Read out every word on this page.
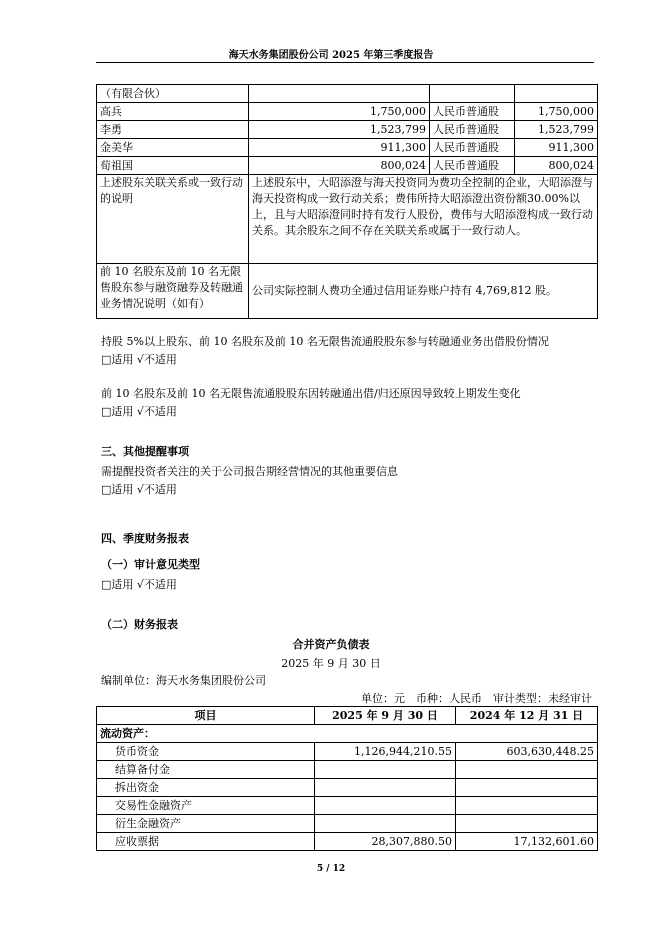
海天水务集团股份公司 2025 年第三季度报告
（有限合伙）			
高兵	1,750,000	人民币普通股	1,750,000
李勇	1,523,799	人民币普通股	1,523,799
金美华	911,300	人民币普通股	911,300
荀祖国	800,024	人民币普通股	800,024
上述股东关联关系或一致行动的说明	上述股东中，大昭添澄与海天投资同为费功全控制的企业，大昭添澄与海天投资构成一致行动关系；费伟所持大昭添澄出资份额30.00%以上，且与大昭添澄同时持有发行人股份，费伟与大昭添澄构成一致行动关系。其余股东之间不存在关联关系或属于一致行动人。		
前 10 名股东及前 10 名无限售股东参与融资融券及转融通业务情况说明（如有）	公司实际控制人费功全通过信用证券账户持有 4,769,812 股。		
持股 5%以上股东、前 10 名股东及前 10 名无限售流通股股东参与转融通业务出借股份情况
□适用 √不适用
前 10 名股东及前 10 名无限售流通股股东因转融通出借/归还原因导致较上期发生变化
□适用 √不适用
三、其他提醒事项
需提醒投资者关注的关于公司报告期经营情况的其他重要信息
□适用 √不适用
四、季度财务报表
（一）审计意见类型
□适用 √不适用
（二）财务报表
合并资产负债表
2025 年 9 月 30 日
编制单位：海天水务集团股份公司
单位：元　币种：人民币　审计类型：未经审计
项目	2025 年 9 月 30 日	2024 年 12 月 31 日
流动资产：		
货币资金	1,126,944,210.55	603,630,448.25
结算备付金		
拆出资金		
交易性金融资产		
衍生金融资产		
应收票据	28,307,880.50	17,132,601.60
5 / 12
